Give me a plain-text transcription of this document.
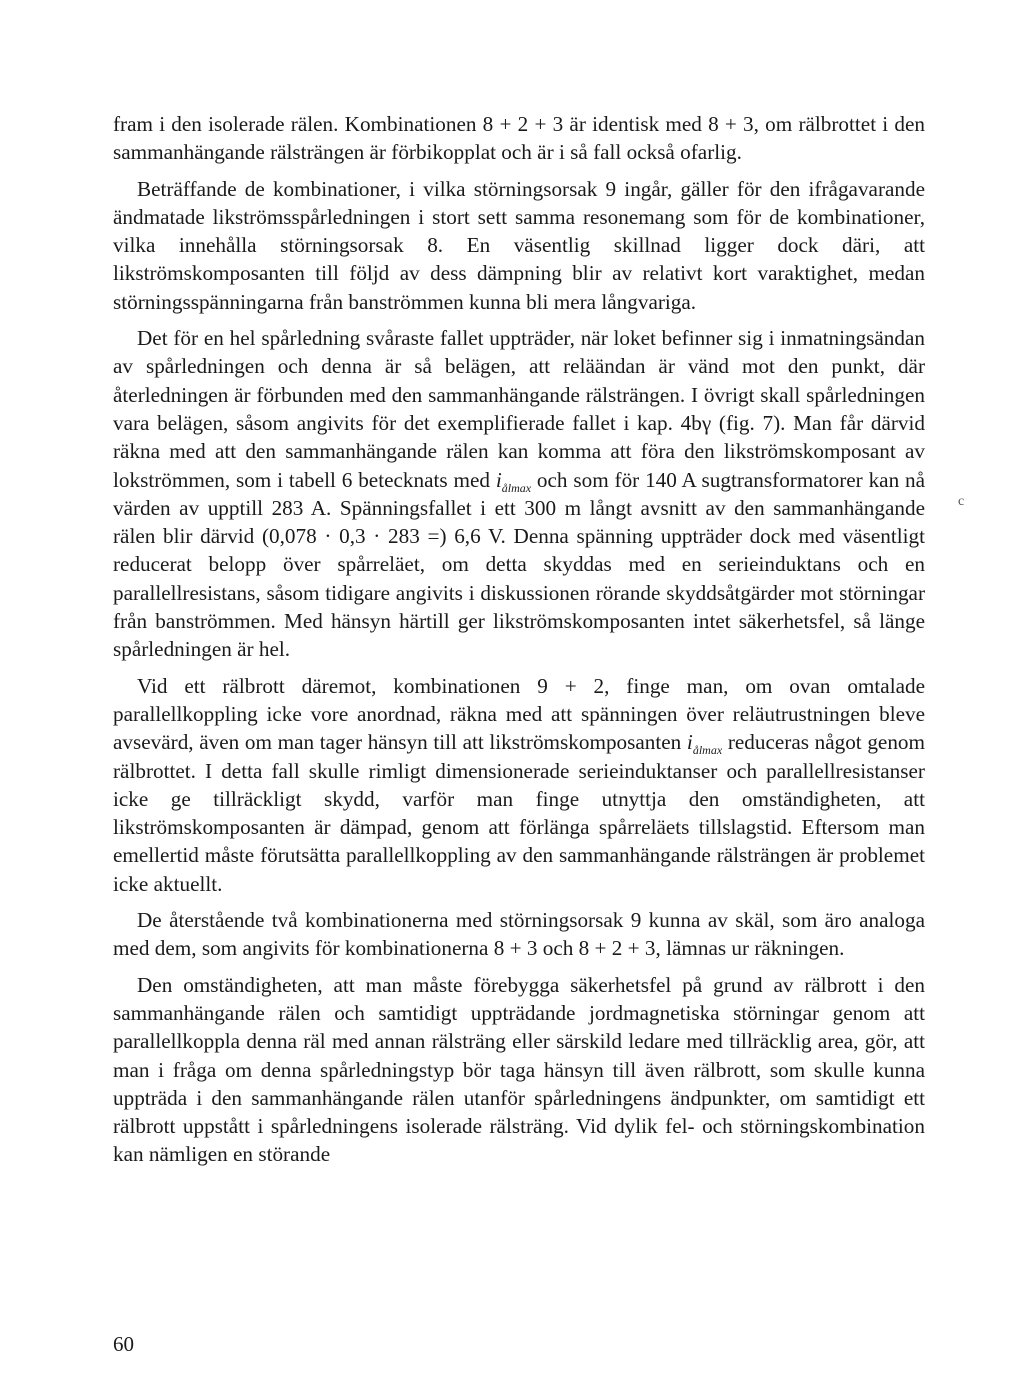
fram i den isolerade rälen. Kombinationen 8 + 2 + 3 är identisk med 8 + 3, om rälbrottet i den sammanhängande rälsträngen är förbikopplat och är i så fall också ofarlig.

Beträffande de kombinationer, i vilka störningsorsak 9 ingår, gäller för den ifrågavarande ändmatade likströmsspårledningen i stort sett samma resonemang som för de kombinationer, vilka innehålla störningsorsak 8. En väsentlig skillnad ligger dock däri, att likströmskomposanten till följd av dess dämpning blir av relativt kort varaktighet, medan störningsspänningarna från banströmmen kunna bli mera långvariga.

Det för en hel spårledning svåraste fallet uppträder, när loket befinner sig i inmatningsändan av spårledningen och denna är så belägen, att reläändan är vänd mot den punkt, där återledningen är förbunden med den sammanhängande rälsträngen. I övrigt skall spårledningen vara belägen, såsom angivits för det exemplifierade fallet i kap. 4bγ (fig. 7). Man får därvid räkna med att den sammanhängande rälen kan komma att föra den likströmskomposant av lokströmmen, som i tabell 6 betecknats med $i_{ålmax}$ och som för 140 A sugtransformatorer kan nå värden av upptill 283 A. Spänningsfallet i ett 300 m långt avsnitt av den sammanhängande rälen blir därvid (0,078 · 0,3 · 283 =) 6,6 V. Denna spänning uppträder dock med väsentligt reducerat belopp över spårreläet, om detta skyddas med en serieinduktans och en parallellresistans, såsom tidigare angivits i diskussionen rörande skyddsåtgärder mot störningar från banströmmen. Med hänsyn härtill ger likströmskomposanten intet säkerhetsfel, så länge spårledningen är hel.

Vid ett rälbrott däremot, kombinationen 9 + 2, finge man, om ovan omtalade parallellkoppling icke vore anordnad, räkna med att spänningen över reläutrustningen bleve avsevärd, även om man tager hänsyn till att likströmskomposanten $i_{ålmax}$ reduceras något genom rälbrottet. I detta fall skulle rimligt dimensionerade serieinduktanser och parallellresistanser icke ge tillräckligt skydd, varför man finge utnyttja den omständigheten, att likströmskomposanten är dämpad, genom att förlänga spårreläets tillslagstid. Eftersom man emellertid måste förutsätta parallellkoppling av den sammanhängande rälsträngen är problemet icke aktuellt.

De återstående två kombinationerna med störningsorsak 9 kunna av skäl, som äro analoga med dem, som angivits för kombinationerna 8 + 3 och 8 + 2 + 3, lämnas ur räkningen.

Den omständigheten, att man måste förebygga säkerhetsfel på grund av rälbrott i den sammanhängande rälen och samtidigt uppträdande jordmagnetiska störningar genom att parallellkoppla denna räl med annan rälsträng eller särskild ledare med tillräcklig area, gör, att man i fråga om denna spårledningstyp bör taga hänsyn till även rälbrott, som skulle kunna uppträda i den sammanhängande rälen utanför spårledningens ändpunkter, om samtidigt ett rälbrott uppstått i spårledningens isolerade rälsträng. Vid dylik fel- och störningskombination kan nämligen en störande

c
60
